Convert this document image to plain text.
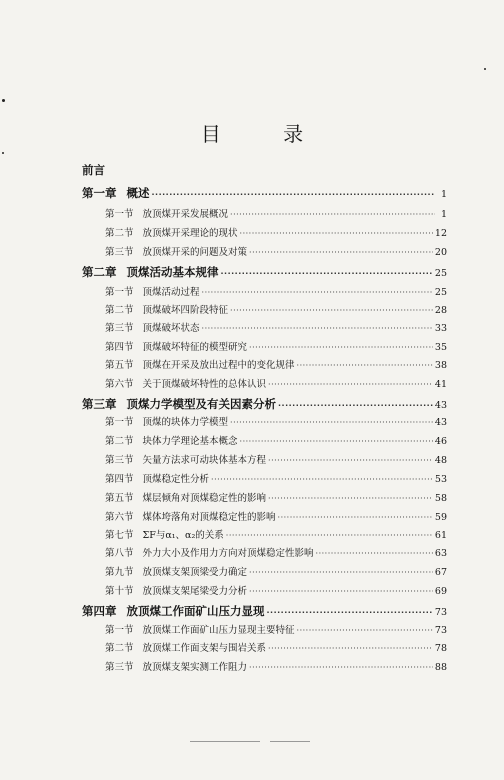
目 录
前言
第一章 概述 ·····	1
第一节 放顶煤开采发展概况 ·····	1
第二节 放顶煤开采理论的现状 ·····	12
第三节 放顶煤开采的问题及对策 ·····	20
第二章 顶煤活动基本规律 ·····	25
第一节 顶煤活动过程 ·····	25
第二节 顶煤破坏四阶段特征 ·····	28
第三节 顶煤破坏状态 ·····	33
第四节 顶煤破坏特征的模型研究 ·····	35
第五节 顶煤在开采及放出过程中的变化规律 ·····	38
第六节 关于顶煤破坏特性的总体认识 ·····	41
第三章 顶煤力学模型及有关因素分析 ·····	43
第一节 顶煤的块体力学模型 ·····	43
第二节 块体力学理论基本概念 ·····	46
第三节 矢量方法求可动块体基本方程 ·····	48
第四节 顶煤稳定性分析 ·····	53
第五节 煤层倾角对顶煤稳定性的影响 ·····	58
第六节 煤体垮落角对顶煤稳定性的影响 ·····	59
第七节 ΣF与α₁、α₂的关系 ·····	61
第八节 外力大小及作用力方向对顶煤稳定性影响 ·····	63
第九节 放顶煤支架顶梁受力确定 ·····	67
第十节 放顶煤支架尾梁受力分析 ·····	69
第四章 放顶煤工作面矿山压力显现 ·····	73
第一节 放顶煤工作面矿山压力显现主要特征 ·····	73
第二节 放顶煤工作面支架与围岩关系 ·····	78
第三节 放顶煤支架实测工作阻力 ·····	88
